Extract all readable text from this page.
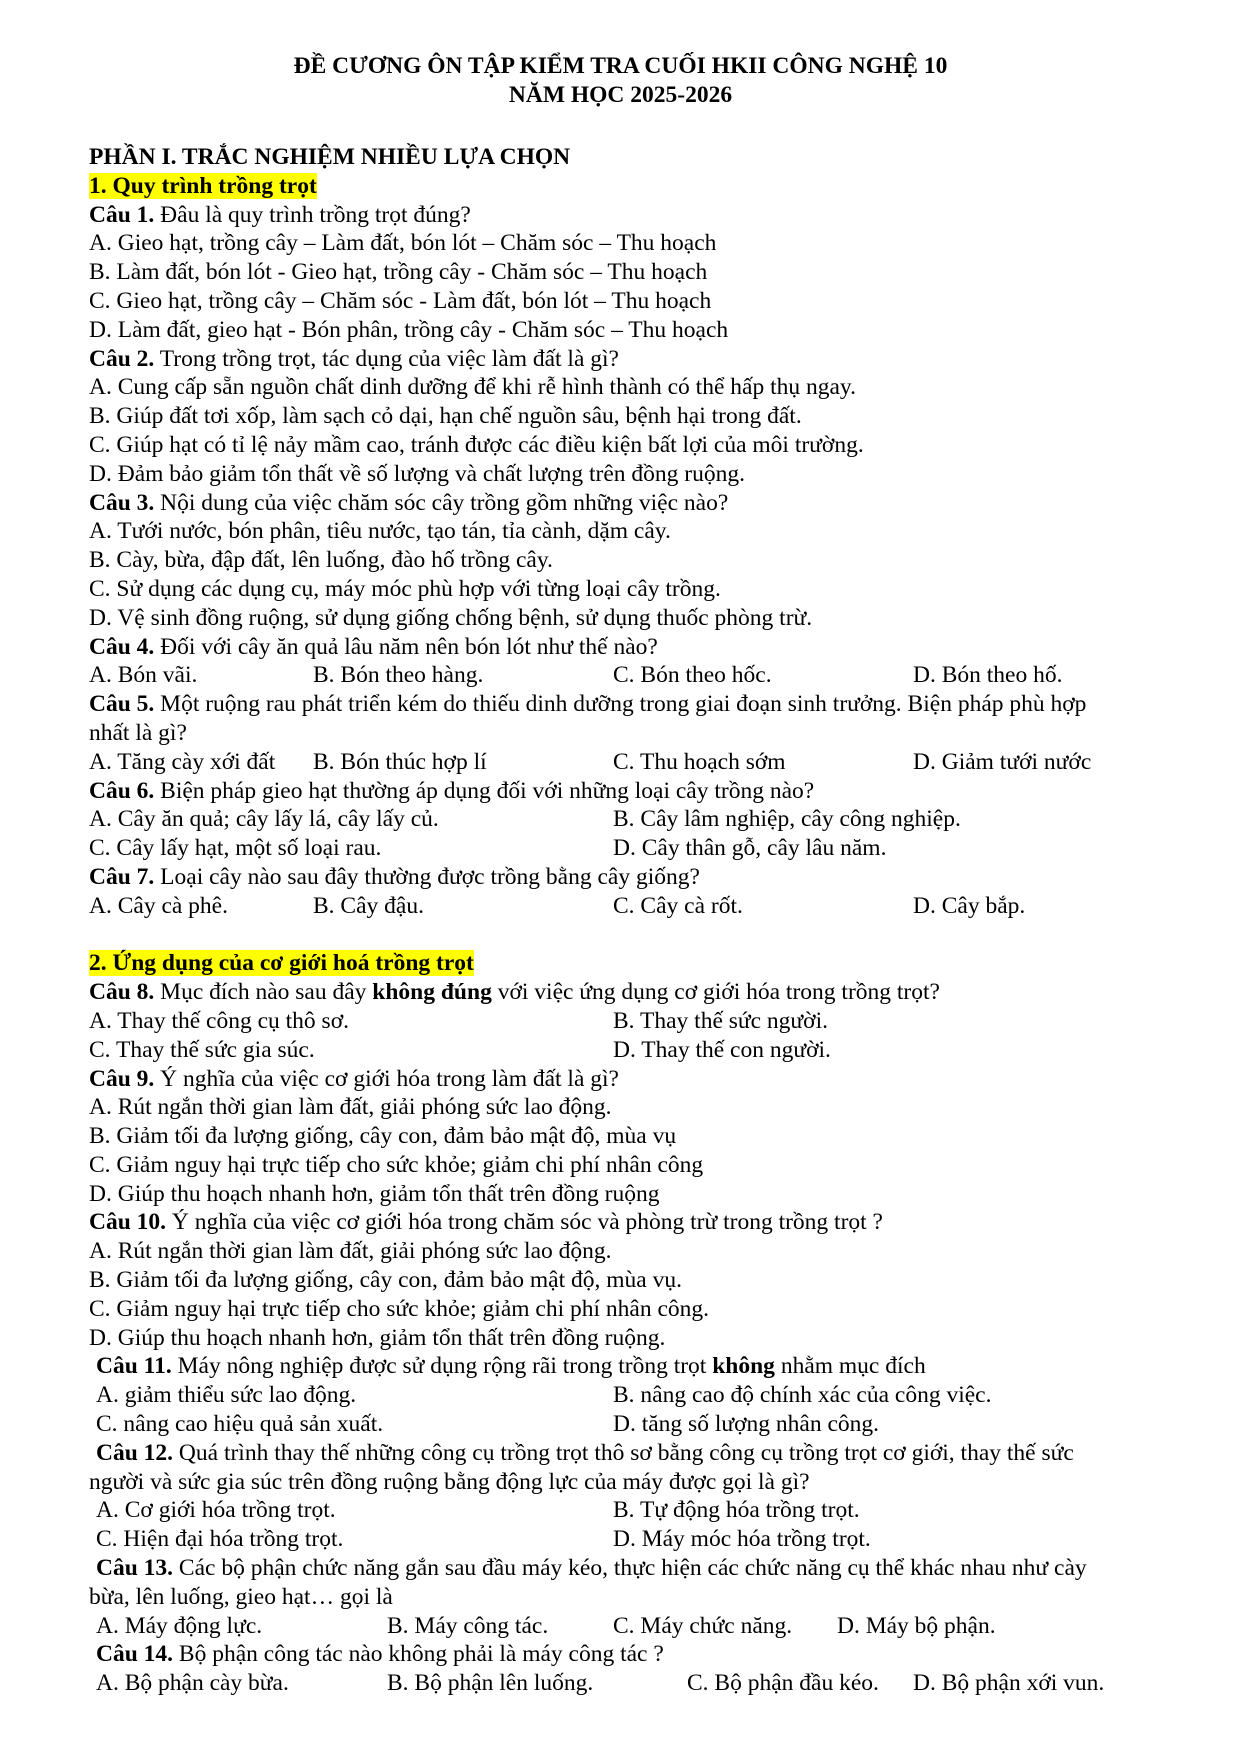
ĐỀ CƯƠNG ÔN TẬP KIỂM TRA CUỐI HKII CÔNG NGHỆ 10
NĂM HỌC 2025-2026
PHẦN I. TRẮC NGHIỆM NHIỀU LỰA CHỌN
1. Quy trình trồng trọt
Câu 1. Đâu là quy trình trồng trọt đúng?
A. Gieo hạt, trồng cây – Làm đất, bón lót – Chăm sóc – Thu hoạch
B. Làm đất, bón lót - Gieo hạt, trồng cây - Chăm sóc – Thu hoạch
C. Gieo hạt, trồng cây – Chăm sóc - Làm đất, bón lót – Thu hoạch
D. Làm đất, gieo hạt - Bón phân, trồng cây - Chăm sóc – Thu hoạch
Câu 2. Trong trồng trọt, tác dụng của việc làm đất là gì?
A. Cung cấp sẵn nguồn chất dinh dưỡng để khi rễ hình thành có thể hấp thụ ngay.
B. Giúp đất tơi xốp, làm sạch cỏ dại, hạn chế nguồn sâu, bệnh hại trong đất.
C. Giúp hạt có tỉ lệ nảy mầm cao, tránh được các điều kiện bất lợi của môi trường.
D. Đảm bảo giảm tổn thất về số lượng và chất lượng trên đồng ruộng.
Câu 3. Nội dung của việc chăm sóc cây trồng gồm những việc nào?
A. Tưới nước, bón phân, tiêu nước, tạo tán, tỉa cành, dặm cây.
B. Cày, bừa, đập đất, lên luống, đào hố trồng cây.
C. Sử dụng các dụng cụ, máy móc phù hợp với từng loại cây trồng.
D. Vệ sinh đồng ruộng, sử dụng giống chống bệnh, sử dụng thuốc phòng trừ.
Câu 4. Đối với cây ăn quả lâu năm nên bón lót như thế nào?
A. Bón vãi.	B. Bón theo hàng.	C. Bón theo hốc.	D. Bón theo hố.
Câu 5. Một ruộng rau phát triển kém do thiếu dinh dưỡng trong giai đoạn sinh trưởng. Biện pháp phù hợp
nhất là gì?
A. Tăng cày xới đất	B. Bón thúc hợp lí	C. Thu hoạch sớm	D. Giảm tưới nước
Câu 6. Biện pháp gieo hạt thường áp dụng đối với những loại cây trồng nào?
A. Cây ăn quả; cây lấy lá, cây lấy củ.	B. Cây lâm nghiệp, cây công nghiệp.
C. Cây lấy hạt, một số loại rau.	D. Cây thân gỗ, cây lâu năm.
Câu 7. Loại cây nào sau đây thường được trồng bằng cây giống?
A. Cây cà phê.	B. Cây đậu.	C. Cây cà rốt.	D. Cây bắp.
2. Ứng dụng của cơ giới hoá trồng trọt
Câu 8. Mục đích nào sau đây không đúng với việc ứng dụng cơ giới hóa trong trồng trọt?
A. Thay thế công cụ thô sơ.	B. Thay thế sức người.
C. Thay thế sức gia súc.	D. Thay thế con người.
Câu 9. Ý nghĩa của việc cơ giới hóa trong làm đất là gì?
A. Rút ngắn thời gian làm đất, giải phóng sức lao động.
B. Giảm tối đa lượng giống, cây con, đảm bảo mật độ, mùa vụ
C. Giảm nguy hại trực tiếp cho sức khỏe; giảm chi phí nhân công
D. Giúp thu hoạch nhanh hơn, giảm tổn thất trên đồng ruộng
Câu 10. Ý nghĩa của việc cơ giới hóa trong chăm sóc và phòng trừ trong trồng trọt ?
A. Rút ngắn thời gian làm đất, giải phóng sức lao động.
B. Giảm tối đa lượng giống, cây con, đảm bảo mật độ, mùa vụ.
C. Giảm nguy hại trực tiếp cho sức khỏe; giảm chi phí nhân công.
D. Giúp thu hoạch nhanh hơn, giảm tổn thất trên đồng ruộng.
Câu 11. Máy nông nghiệp được sử dụng rộng rãi trong trồng trọt không nhằm mục đích
A. giảm thiểu sức lao động.	B. nâng cao độ chính xác của công việc.
C. nâng cao hiệu quả sản xuất.	D. tăng số lượng nhân công.
Câu 12. Quá trình thay thế những công cụ trồng trọt thô sơ bằng công cụ trồng trọt cơ giới, thay thế sức
người và sức gia súc trên đồng ruộng bằng động lực của máy được gọi là gì?
A. Cơ giới hóa trồng trọt.	B. Tự động hóa trồng trọt.
C. Hiện đại hóa trồng trọt.	D. Máy móc hóa trồng trọt.
Câu 13. Các bộ phận chức năng gắn sau đầu máy kéo, thực hiện các chức năng cụ thể khác nhau như cày
bừa, lên luống, gieo hạt… gọi là
A. Máy động lực.	B. Máy công tác.	C. Máy chức năng.	D. Máy bộ phận.
Câu 14. Bộ phận công tác nào không phải là máy công tác ?
A. Bộ phận cày bừa.	B. Bộ phận lên luống.	C. Bộ phận đầu kéo.	D. Bộ phận xới vun.
